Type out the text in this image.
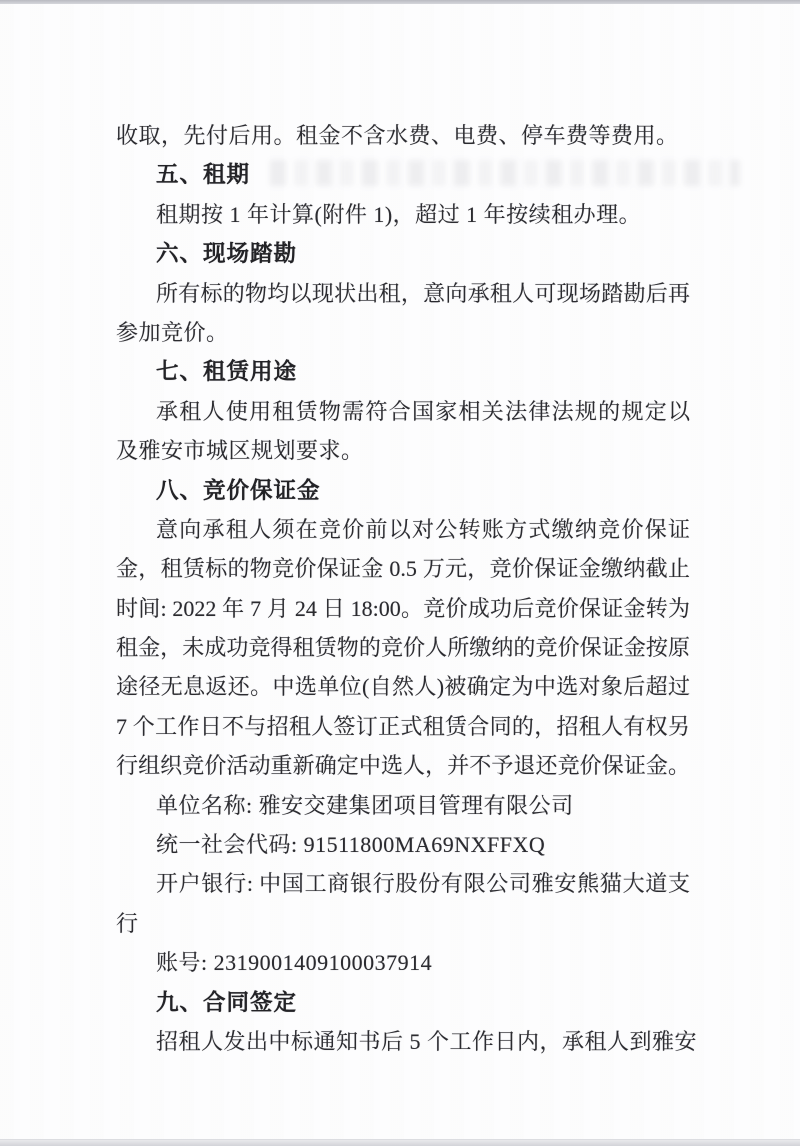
收取，先付后用。租金不含水费、电费、停车费等费用。
五、租期
租期按 1 年计算(附件 1)，超过 1 年按续租办理。
六、现场踏勘
所有标的物均以现状出租，意向承租人可现场踏勘后再
参加竞价。
七、租赁用途
承租人使用租赁物需符合国家相关法律法规的规定以
及雅安市城区规划要求。
八、竞价保证金
意向承租人须在竞价前以对公转账方式缴纳竞价保证
金，租赁标的物竞价保证金 0.5 万元，竞价保证金缴纳截止
时间: 2022 年 7 月 24 日 18:00。竞价成功后竞价保证金转为
租金，未成功竞得租赁物的竞价人所缴纳的竞价保证金按原
途径无息返还。中选单位(自然人)被确定为中选对象后超过
7 个工作日不与招租人签订正式租赁合同的，招租人有权另
行组织竞价活动重新确定中选人，并不予退还竞价保证金。
单位名称: 雅安交建集团项目管理有限公司
统一社会代码: 91511800MA69NXFFXQ
开户银行: 中国工商银行股份有限公司雅安熊猫大道支
行
账号: 2319001409100037914
九、合同签定
招租人发出中标通知书后 5 个工作日内，承租人到雅安
